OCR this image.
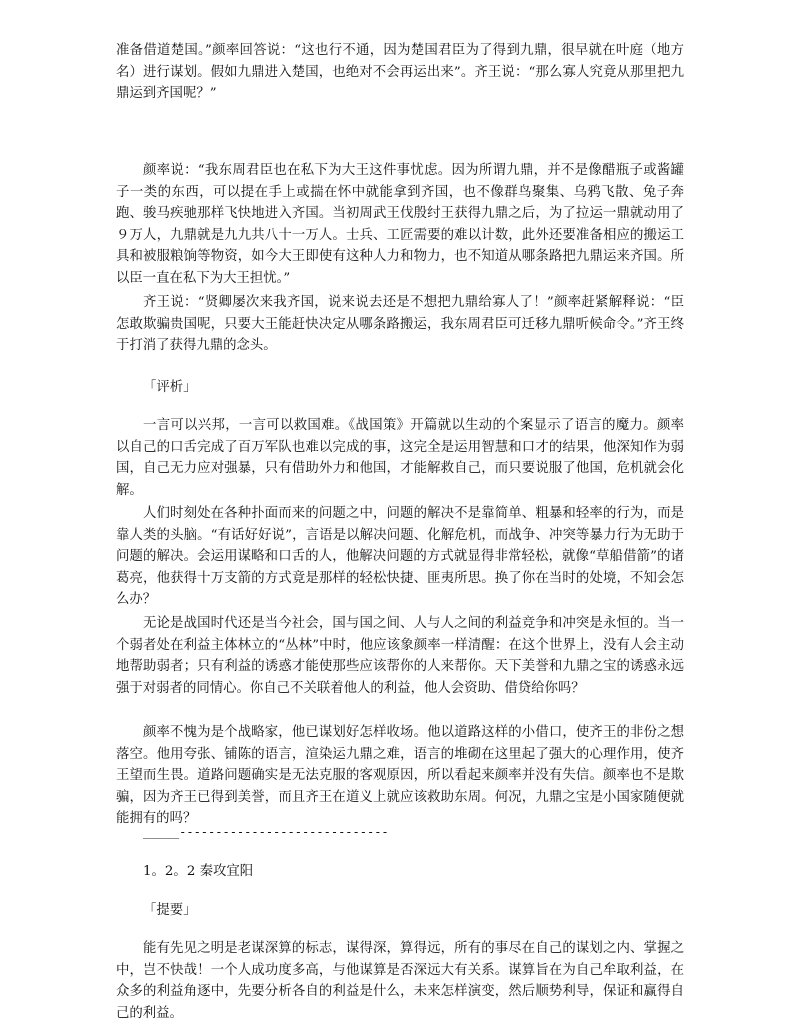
准备借道楚国。”颜率回答说：“这也行不通，因为楚国君臣为了得到九鼎，很早就在叶庭（地方名）进行谋划。假如九鼎进入楚国，也绝对不会再运出来”。齐王说：“那么寡人究竟从那里把九鼎运到齐国呢？”

颜率说：“我东周君臣也在私下为大王这件事忧虑。因为所谓九鼎，并不是像醋瓶子或酱罐子一类的东西，可以提在手上或揣在怀中就能拿到齐国，也不像群鸟聚集、乌鸦飞散、兔子奔跑、骏马疾驰那样飞快地进入齐国。当初周武王伐殷纣王获得九鼎之后，为了拉运一鼎就动用了９万人，九鼎就是九九共八十一万人。士兵、工匠需要的难以计数，此外还要准备相应的搬运工具和被服粮饷等物资，如今大王即使有这种人力和物力，也不知道从哪条路把九鼎运来齐国。所以臣一直在私下为大王担忧。”

齐王说：“贤卿屡次来我齐国，说来说去还是不想把九鼎给寡人了！”颜率赶紧解释说：“臣怎敢欺骗贵国呢，只要大王能赶快决定从哪条路搬运，我东周君臣可迁移九鼎听候命令。”齐王终于打消了获得九鼎的念头。

「评析」

一言可以兴邦，一言可以救国难。《战国策》开篇就以生动的个案显示了语言的魔力。颜率以自己的口舌完成了百万军队也难以完成的事，这完全是运用智慧和口才的结果，他深知作为弱国，自己无力应对强暴，只有借助外力和他国，才能解救自己，而只要说服了他国，危机就会化解。

人们时刻处在各种扑面而来的问题之中，问题的解决不是靠简单、粗暴和轻率的行为，而是靠人类的头脑。“有话好好说”，言语是以解决问题、化解危机，而战争、冲突等暴力行为无助于问题的解决。会运用谋略和口舌的人，他解决问题的方式就显得非常轻松，就像“草船借箭”的诸葛亮，他获得十万支箭的方式竟是那样的轻松快捷、匪夷所思。换了你在当时的处境，不知会怎么办？

无论是战国时代还是当今社会，国与国之间、人与人之间的利益竞争和冲突是永恒的。当一个弱者处在利益主体林立的“丛林”中时，他应该象颜率一样清醒：在这个世界上，没有人会主动地帮助弱者；只有利益的诱惑才能使那些应该帮你的人来帮你。天下美誉和九鼎之宝的诱惑永远强于对弱者的同情心。你自己不关联着他人的利益，他人会资助、借贷给你吗？

颜率不愧为是个战略家，他已谋划好怎样收场。他以道路这样的小借口，使齐王的非份之想落空。他用夸张、铺陈的语言，渲染运九鼎之难，语言的堆砌在这里起了强大的心理作用，使齐王望而生畏。道路问题确实是无法克服的客观原因，所以看起来颜率并没有失信。颜率也不是欺骗，因为齐王已得到美誉，而且齐王在道义上就应该救助东周。何况，九鼎之宝是小国家随便就能拥有的吗？

_____-----------------------------
1。2。2 秦攻宜阳
「提要」

能有先见之明是老谋深算的标志，谋得深，算得远，所有的事尽在自己的谋划之内、掌握之中，岂不快哉！一个人成功度多高，与他谋算是否深远大有关系。谋算旨在为自己牟取利益，在众多的利益角逐中，先要分析各自的利益是什么，未来怎样演变，然后顺势利导，保证和赢得自己的利益。
